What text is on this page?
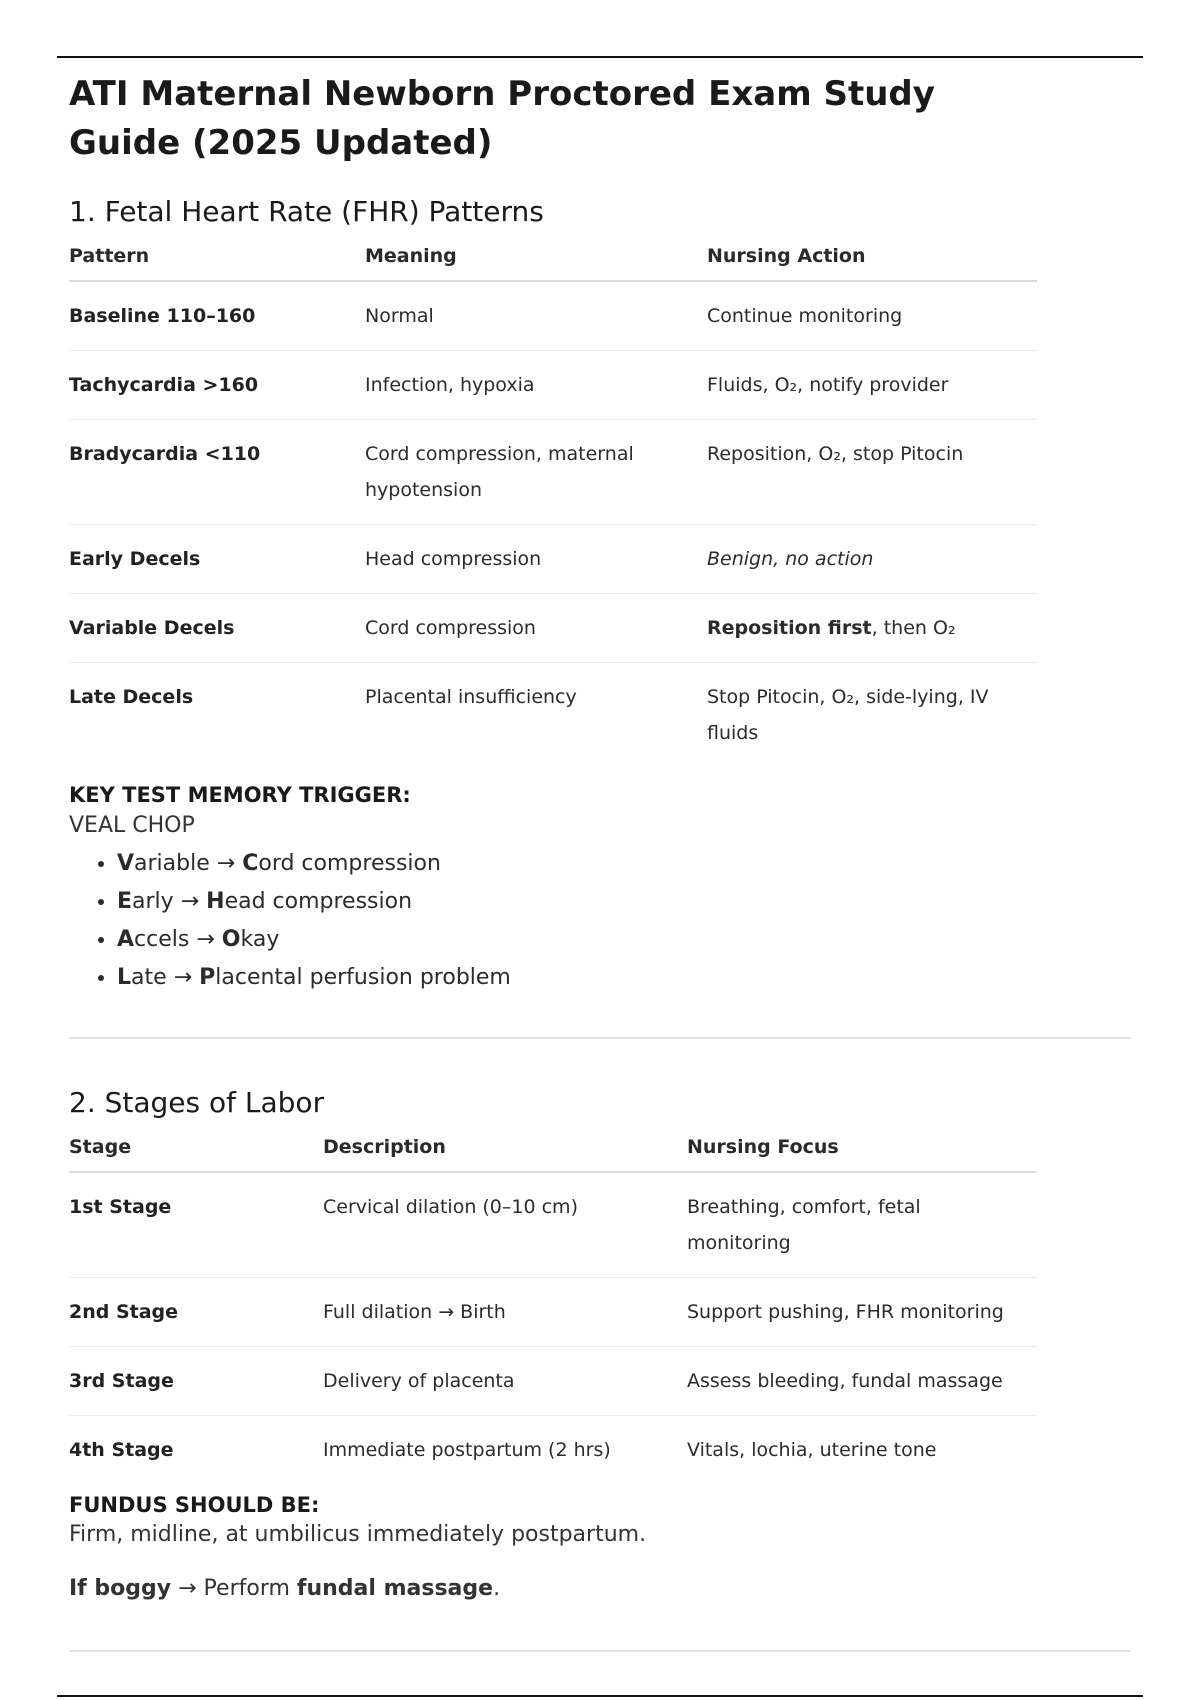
ATI Maternal Newborn Proctored Exam Study Guide (2025 Updated)
1. Fetal Heart Rate (FHR) Patterns
Pattern	Meaning	Nursing Action
Baseline 110–160	Normal	Continue monitoring
Tachycardia >160	Infection, hypoxia	Fluids, O₂, notify provider
Bradycardia <110	Cord compression, maternal hypotension	Reposition, O₂, stop Pitocin
Early Decels	Head compression	Benign, no action
Variable Decels	Cord compression	Reposition first, then O₂
Late Decels	Placental insufficiency	Stop Pitocin, O₂, side-lying, IV fluids
KEY TEST MEMORY TRIGGER:
VEAL CHOP
• Variable → Cord compression
• Early → Head compression
• Accels → Okay
• Late → Placental perfusion problem
2. Stages of Labor
Stage	Description	Nursing Focus
1st Stage	Cervical dilation (0–10 cm)	Breathing, comfort, fetal monitoring
2nd Stage	Full dilation → Birth	Support pushing, FHR monitoring
3rd Stage	Delivery of placenta	Assess bleeding, fundal massage
4th Stage	Immediate postpartum (2 hrs)	Vitals, lochia, uterine tone
FUNDUS SHOULD BE:
Firm, midline, at umbilicus immediately postpartum.
If boggy → Perform fundal massage.
